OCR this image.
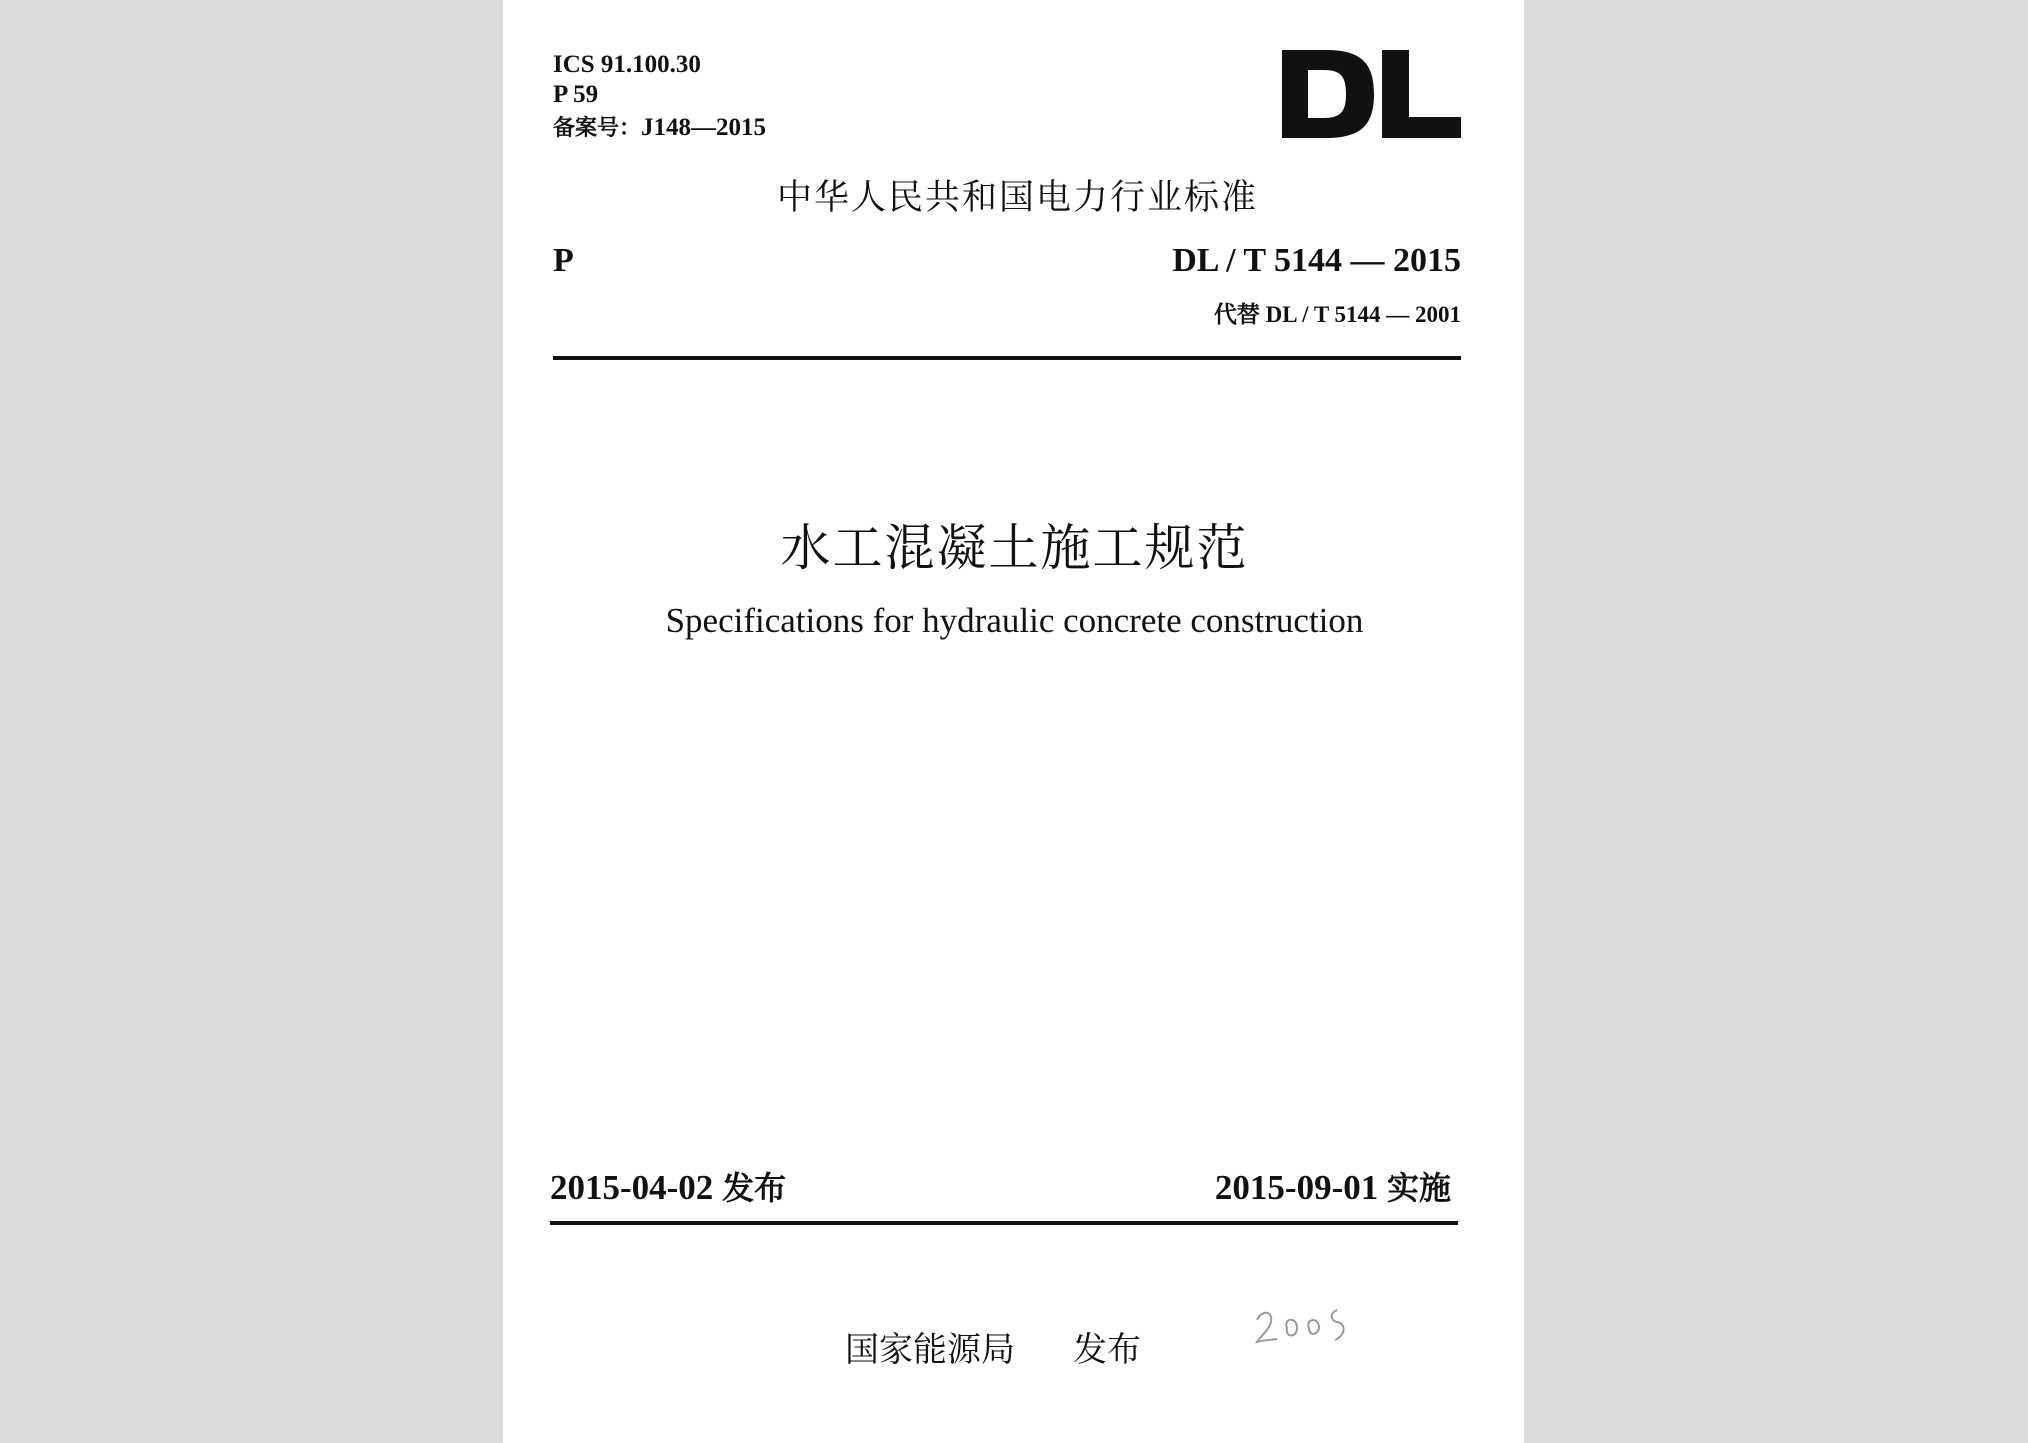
ICS 91.100.30
P 59
备案号：J148—2015
中华人民共和国电力行业标准
P	DL / T 5144 — 2015
代替 DL / T 5144 — 2001
水工混凝土施工规范
Specifications for hydraulic concrete construction
2015-04-02 发布	2015-09-01 实施
国家能源局 发布
